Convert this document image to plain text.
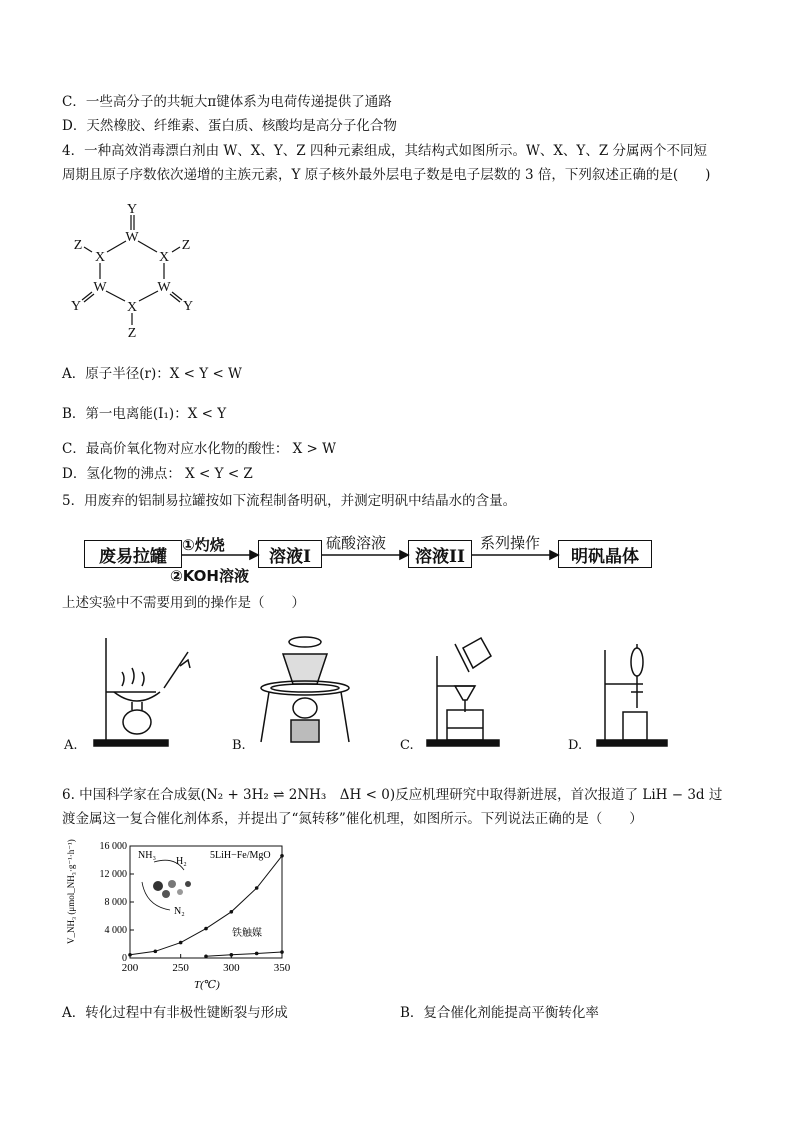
C．一些高分子的共轭大π键体系为电荷传递提供了通路
D．天然橡胶、纤维素、蛋白质、核酸均是高分子化合物
4．一种高效消毒漂白剂由 W、X、Y、Z 四种元素组成，其结构式如图所示。W、X、Y、Z 分属两个不同短
周期且原子序数依次递增的主族元素，Y 原子核外最外层电子数是电子层数的 3 倍，下列叙述正确的是(　　)
Y
W
X	X
Z	Z
W	W
X
Y	Y
Z
A．原子半径(r)：X < Y < W
B．第一电离能(I₁)：X < Y
C．最高价氧化物对应水化物的酸性： X > W
D．氢化物的沸点： X < Y < Z
5．用废弃的铝制易拉罐按如下流程制备明矾，并测定明矾中结晶水的含量。
废易拉罐	溶液I	溶液II	明矾晶体
①灼烧
②KOH溶液
硫酸溶液	系列操作
上述实验中不需要用到的操作是（　　）
A.	B.	C.	D.
6. 中国科学家在合成氨(N₂ + 3H₂ ⇌ 2NH₃　ΔH < 0)反应机理研究中取得新进展，首次报道了 LiH − 3d 过
渡金属这一复合催化剂体系，并提出了“氮转移”催化机理，如图所示。下列说法正确的是（　　）
V_NH₃ (μmol_NH₃·g⁻¹·h⁻¹)
T(℃)
0
4 000
8 000
12 000
16 000
200	250	300	350
5LiH−Fe/MgO
铁触媒
NH₃
H₂
N₂
A．转化过程中有非极性键断裂与形成	B．复合催化剂能提高平衡转化率
